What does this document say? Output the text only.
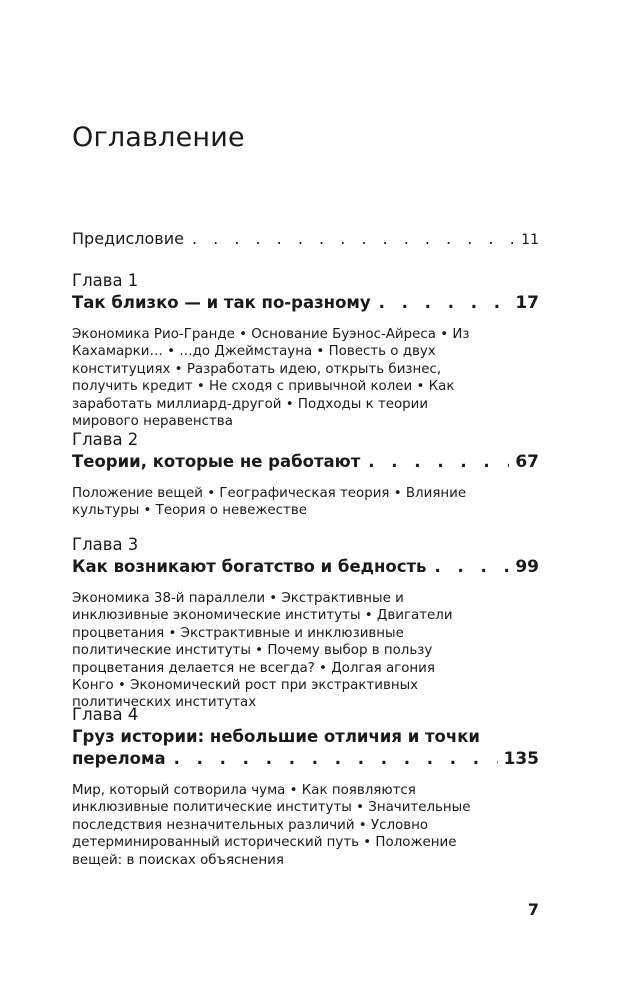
Оглавление
Предисловие . . .	11
Глава 1
Так близко — и так по-разному . . .	17
Экономика Рио-Гранде • Основание Буэнос-Айреса • Из Кахамарки… • …до Джеймстауна • Повесть о двух конституциях • Разработать идею, открыть бизнес, получить кредит • Не сходя с привычной колеи • Как заработать миллиард-другой • Подходы к теории мирового неравенства
Глава 2
Теории, которые не работают . . .	67
Положение вещей • Географическая теория • Влияние культуры • Теория о невежестве
Глава 3
Как возникают богатство и бедность . . .	99
Экономика 38-й параллели • Экстрактивные и инклюзивные экономические институты • Двигатели процветания • Экстрактивные и инклюзивные политические институты • Почему выбор в пользу процветания делается не всегда? • Долгая агония Конго • Экономический рост при экстрактивных политических институтах
Глава 4
Груз истории: небольшие отличия и точки
перелома . . .	135
Мир, который сотворила чума • Как появляются инклюзивные политические институты • Значительные последствия незначительных различий • Условно детерминированный исторический путь • Положение вещей: в поисках объяснения
7
